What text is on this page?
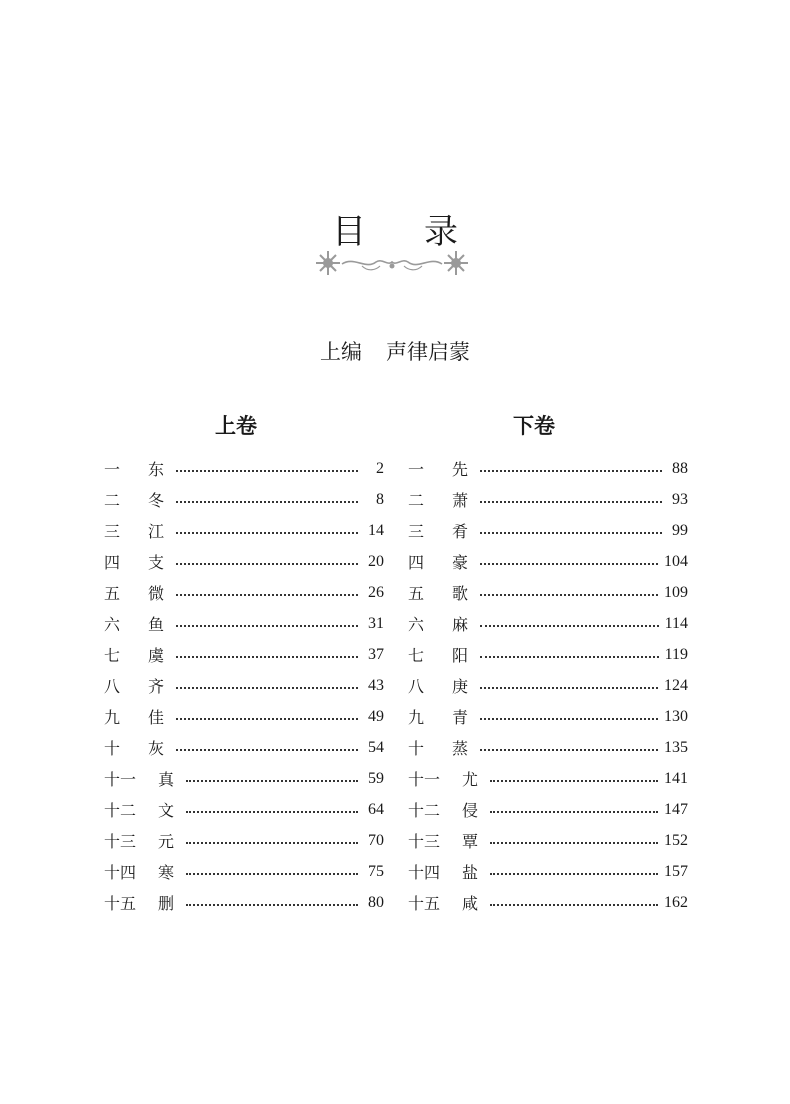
目录
上编 声律启蒙
上卷	下卷
一	东	2
二	冬	8
三	江	14
四	支	20
五	微	26
六	鱼	31
七	虞	37
八	齐	43
九	佳	49
十	灰	54
十一	真	59
十二	文	64
十三	元	70
十四	寒	75
十五	删	80
一	先	88
二	萧	93
三	肴	99
四	豪	104
五	歌	109
六	麻	114
七	阳	119
八	庚	124
九	青	130
十	蒸	135
十一	尤	141
十二	侵	147
十三	覃	152
十四	盐	157
十五	咸	162
